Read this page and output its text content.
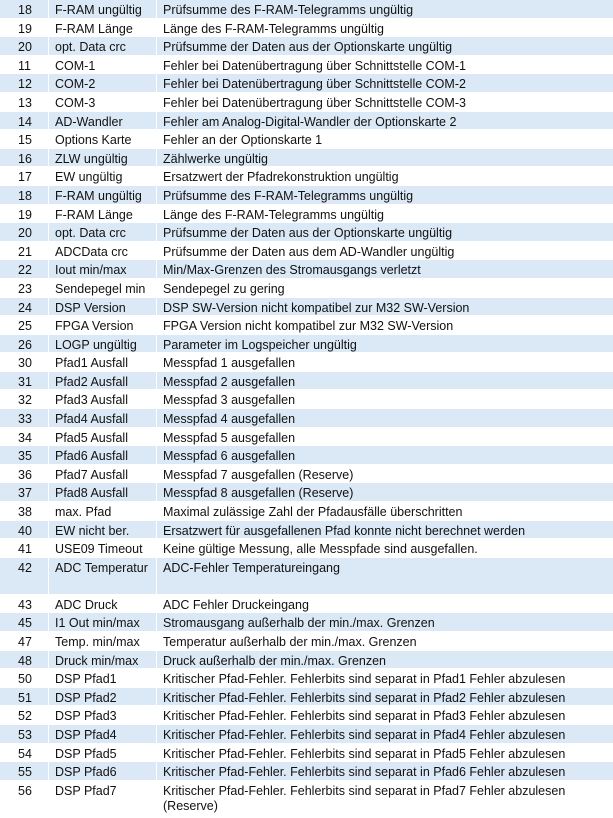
18	F-RAM ungültig	Prüfsumme des F-RAM-Telegramms ungültig
19	F-RAM Länge	Länge des F-RAM-Telegramms ungültig
20	opt. Data crc	Prüfsumme der Daten aus der Optionskarte ungültig
11	COM-1	Fehler bei Datenübertragung über Schnittstelle COM-1
12	COM-2	Fehler bei Datenübertragung über Schnittstelle COM-2
13	COM-3	Fehler bei Datenübertragung über Schnittstelle COM-3
14	AD-Wandler	Fehler am Analog-Digital-Wandler der Optionskarte 2
15	Options Karte	Fehler an der Optionskarte 1
16	ZLW ungültig	Zählwerke ungültig
17	EW ungültig	Ersatzwert der Pfadrekonstruktion ungültig
18	F-RAM ungültig	Prüfsumme des F-RAM-Telegramms ungültig
19	F-RAM Länge	Länge des F-RAM-Telegramms ungültig
20	opt. Data crc	Prüfsumme der Daten aus der Optionskarte ungültig
21	ADCData crc	Prüfsumme der Daten aus dem AD-Wandler ungültig
22	Iout min/max	Min/Max-Grenzen des Stromausgangs verletzt
23	Sendepegel min	Sendepegel zu gering
24	DSP Version	DSP SW-Version nicht kompatibel zur M32 SW-Version
25	FPGA Version	FPGA Version nicht kompatibel zur M32 SW-Version
26	LOGP ungültig	Parameter im Logspeicher ungültig
30	Pfad1 Ausfall	Messpfad 1 ausgefallen
31	Pfad2 Ausfall	Messpfad 2 ausgefallen
32	Pfad3 Ausfall	Messpfad 3 ausgefallen
33	Pfad4 Ausfall	Messpfad 4 ausgefallen
34	Pfad5 Ausfall	Messpfad 5 ausgefallen
35	Pfad6 Ausfall	Messpfad 6 ausgefallen
36	Pfad7 Ausfall	Messpfad 7 ausgefallen (Reserve)
37	Pfad8 Ausfall	Messpfad 8 ausgefallen (Reserve)
38	max. Pfad	Maximal zulässige Zahl der Pfadausfälle überschritten
40	EW nicht ber.	Ersatzwert für ausgefallenen Pfad konnte nicht berechnet werden
41	USE09 Timeout	Keine gültige Messung, alle Messpfade sind ausgefallen.
42	ADC Temperatur	ADC-Fehler Temperatureingang
43	ADC Druck	ADC Fehler Druckeingang
45	I1 Out min/max	Stromausgang außerhalb der min./max. Grenzen
47	Temp. min/max	Temperatur außerhalb der min./max. Grenzen
48	Druck min/max	Druck außerhalb der min./max. Grenzen
50	DSP Pfad1	Kritischer Pfad-Fehler. Fehlerbits sind separat in Pfad1 Fehler abzulesen
51	DSP Pfad2	Kritischer Pfad-Fehler. Fehlerbits sind separat in Pfad2 Fehler abzulesen
52	DSP Pfad3	Kritischer Pfad-Fehler. Fehlerbits sind separat in Pfad3 Fehler abzulesen
53	DSP Pfad4	Kritischer Pfad-Fehler. Fehlerbits sind separat in Pfad4 Fehler abzulesen
54	DSP Pfad5	Kritischer Pfad-Fehler. Fehlerbits sind separat in Pfad5 Fehler abzulesen
55	DSP Pfad6	Kritischer Pfad-Fehler. Fehlerbits sind separat in Pfad6 Fehler abzulesen
56	DSP Pfad7	Kritischer Pfad-Fehler. Fehlerbits sind separat in Pfad7 Fehler abzulesen (Reserve)
